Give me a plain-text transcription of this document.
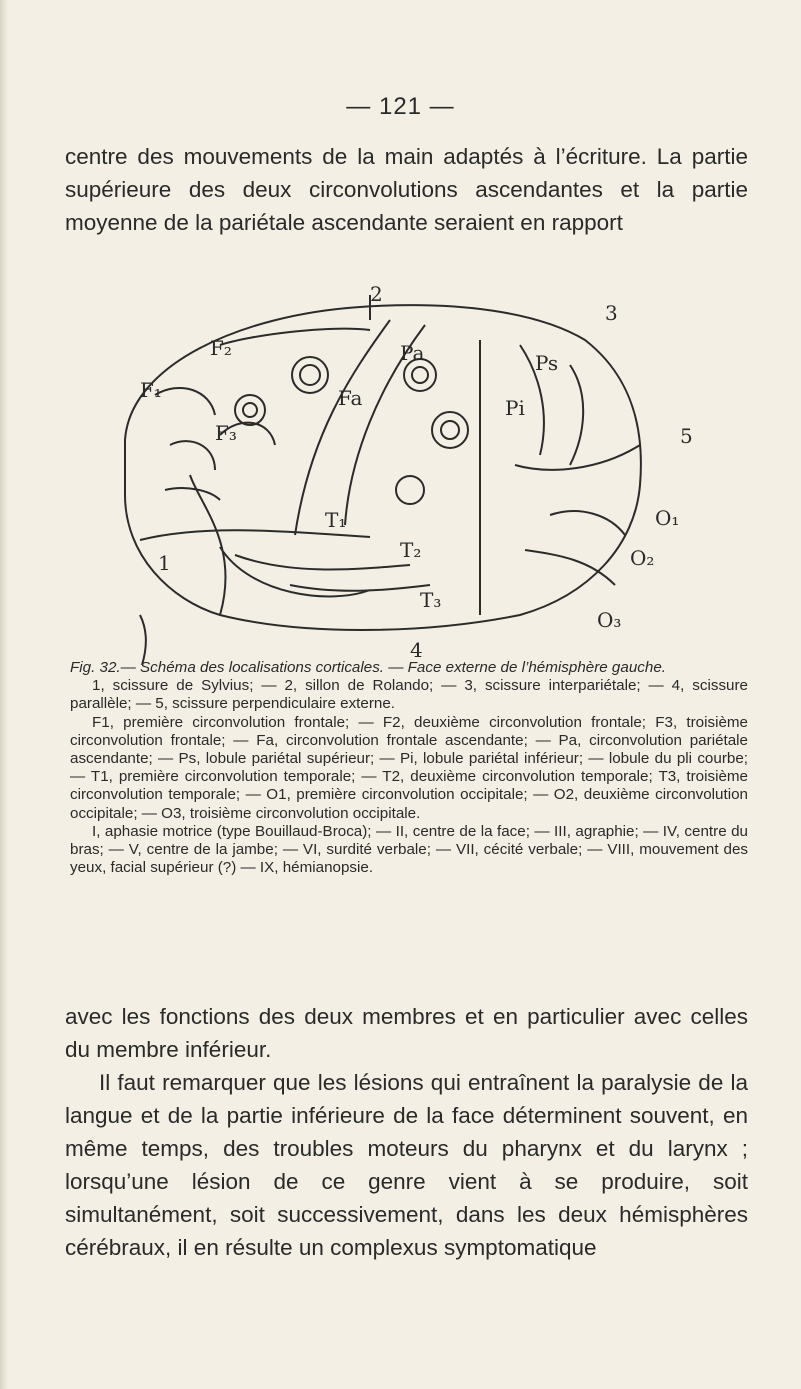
— 121 —

centre des mouvements de la main adaptés à l’écriture. La partie supérieure des deux circonvolutions ascendantes et la partie moyenne de la pariétale ascendante seraient en rapport

2
3
5
F₁
F₂
F₃
Fa
Pa	Ps
Pi
T₁
T₂
T₃
O₁
O₂
O₃
1
4

Fig. 32.— Schéma des localisations corticales. — Face externe de l’hémisphère gauche.

1, scissure de Sylvius; — 2, sillon de Rolando; — 3, scissure interpariétale; — 4, scissure parallèle; — 5, scissure perpendiculaire externe.

F1, première circonvolution frontale; — F2, deuxième circonvolution frontale; F3, troisième circonvolution frontale; — Fa, circonvolution frontale ascendante; — Pa, circonvolution pariétale ascendante; — Ps, lobule pariétal supérieur; — Pi, lobule pariétal inférieur; — lobule du pli courbe; — T1, première circonvolution temporale; — T2, deuxième circonvolution temporale; T3, troisième circonvolution temporale; — O1, première circonvolution occipitale; — O2, deuxième circonvolution occipitale; — O3, troisième circonvolution occipitale.

I, aphasie motrice (type Bouillaud-Broca); — II, centre de la face; — III, agraphie; — IV, centre du bras; — V, centre de la jambe; — VI, surdité verbale; — VII, cécité verbale; — VIII, mouvement des yeux, facial supérieur (?) — IX, hémianopsie.

avec les fonctions des deux membres et en particulier avec celles du membre inférieur.

Il faut remarquer que les lésions qui entraînent la paralysie de la langue et de la partie inférieure de la face déterminent souvent, en même temps, des troubles moteurs du pharynx et du larynx ; lorsqu’une lésion de ce genre vient à se produire, soit simultanément, soit successivement, dans les deux hémisphères cérébraux, il en résulte un complexus symptomatique
